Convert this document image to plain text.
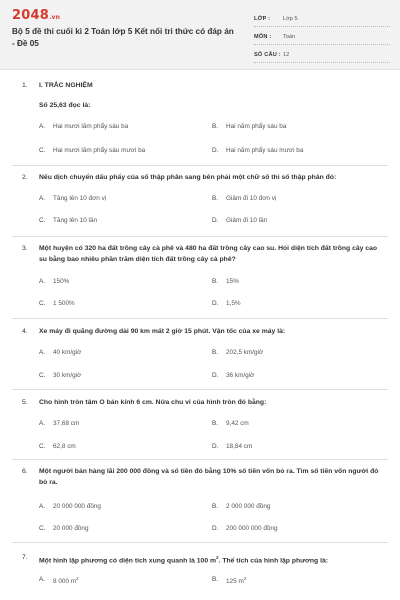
2048.vn
Bộ 5 đề thi cuối kì 2 Toán lớp 5 Kết nối tri thức có đáp án - Đề 05
LỚP :	Lớp 5
MÔN :	Toán
SỐ CÂU : 12
1.	I. TRẮC NGHIỆM
Số 25,63 đọc là:
A.	Hai mươi lăm phẩy sáu ba	B.	Hai năm phẩy sáu ba
C.	Hai mươi lăm phẩy sáu mươi ba	D.	Hai năm phẩy sáu mươi ba
2.	Nếu dịch chuyển dấu phẩy của số thập phân sang bên phải một chữ số thì số thập phân đó:
A.	Tăng lên 10 đơn vị	B.	Giảm đi 10 đơn vị
C.	Tăng lên 10 lần	D.	Giảm đi 10 lần
3.	Một huyện có 320 ha đất trồng cây cà phê và 480 ha đất trồng cây cao su. Hỏi diện tích đất trồng cây cao su bằng bao nhiêu phần trăm diện tích đất trồng cây cà phê?
A.	150%	B.	15%
C.	1 500%	D.	1,5%
4.	Xe máy đi quãng đường dài 90 km mất 2 giờ 15 phút. Vận tốc của xe máy là:
A.	40 km/giờ	B.	202,5 km/giờ
C.	30 km/giờ	D.	36 km/giờ
5.	Cho hình tròn tâm O bán kính 6 cm. Nửa chu vi của hình tròn đó bằng:
A.	37,68 cm	B.	9,42 cm
C.	62,8 cm	D.	18,84 cm
6.	Một người bán hàng lãi 200 000 đồng và số tiền đó bằng 10% số tiền vốn bỏ ra. Tìm số tiền vốn người đó bỏ ra.
A.	20 000 000 đồng	B.	2 000 000 đồng
C.	20 000 đồng	D.	200 000 000 đồng
7.	Một hình lập phương có diện tích xung quanh là 100 $m^2$. Thể tích của hình lập phương là:
A.	8 000 $m^2$	B.	125 $m^2$
